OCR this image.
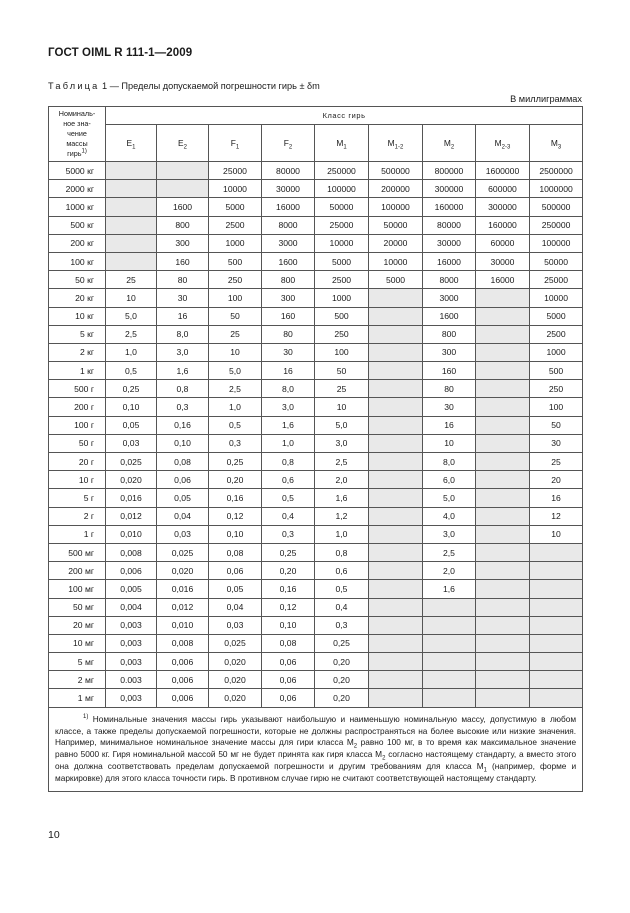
ГОСТ OIML R 111-1—2009
Таблица 1 — Пределы допускаемой погрешности гирь ± δm
В миллиграммах
Номиналь-
ное зна-
чение
массы
гирь$^{1)}$	Класс гирь								
	$E_1$	$E_2$	$F_1$	$F_2$	$M_1$	$M_{1-2}$	$M_2$	$M_{2-3}$	$M_3$
5000 кг			25000	80000	250000	500000	800000	1600000	2500000
2000 кг			10000	30000	100000	200000	300000	600000	1000000
1000 кг		1600	5000	16000	50000	100000	160000	300000	500000
500 кг		800	2500	8000	25000	50000	80000	160000	250000
200 кг		300	1000	3000	10000	20000	30000	60000	100000
100 кг		160	500	1600	5000	10000	16000	30000	50000
50 кг	25	80	250	800	2500	5000	8000	16000	25000
20 кг	10	30	100	300	1000		3000		10000
10 кг	5,0	16	50	160	500		1600		5000
5 кг	2,5	8,0	25	80	250		800		2500
2 кг	1,0	3,0	10	30	100		300		1000
1 кг	0,5	1,6	5,0	16	50		160		500
500 г	0,25	0,8	2,5	8,0	25		80		250
200 г	0,10	0,3	1,0	3,0	10		30		100
100 г	0,05	0,16	0,5	1,6	5,0		16		50
50 г	0,03	0,10	0,3	1,0	3,0		10		30
20 г	0,025	0,08	0,25	0,8	2,5		8,0		25
10 г	0,020	0,06	0,20	0,6	2,0		6,0		20
5 г	0,016	0,05	0,16	0,5	1,6		5,0		16
2 г	0,012	0,04	0,12	0,4	1,2		4,0		12
1 г	0,010	0,03	0,10	0,3	1,0		3,0		10
500 мг	0,008	0,025	0,08	0,25	0,8		2,5		
200 мг	0,006	0,020	0,06	0,20	0,6		2,0		
100 мг	0,005	0,016	0,05	0,16	0,5		1,6		
50 мг	0,004	0,012	0,04	0,12	0,4				
20 мг	0,003	0,010	0,03	0,10	0,3				
10 мг	0,003	0,008	0,025	0,08	0,25				
5 мг	0,003	0,006	0,020	0,06	0,20				
2 мг	0.003	0,006	0,020	0,06	0,20				
1 мг	0,003	0,006	0,020	0,06	0,20				

$^{1)}$ Номинальные значения массы гирь указывают наибольшую и наименьшую номинальную массу, допустимую в любом классе, а также пределы допускаемой погрешности, которые не должны распространяться на более высокие или низкие значения. Например, минимальное номинальное значение массы для гири класса $M_2$ равно 100 мг, в то время как максимальное значение равно 5000 кг. Гиря номинальной массой 50 мг не будет принята как гиря класса $M_2$ согласно настоящему стандарту, а вместо этого она должна соответствовать пределам допускаемой погрешности и другим требованиям для класса $M_1$ (например, форме и маркировке) для этого класса точности гирь. В противном случае гирю не считают соответствующей настоящему стандарту.									
10
